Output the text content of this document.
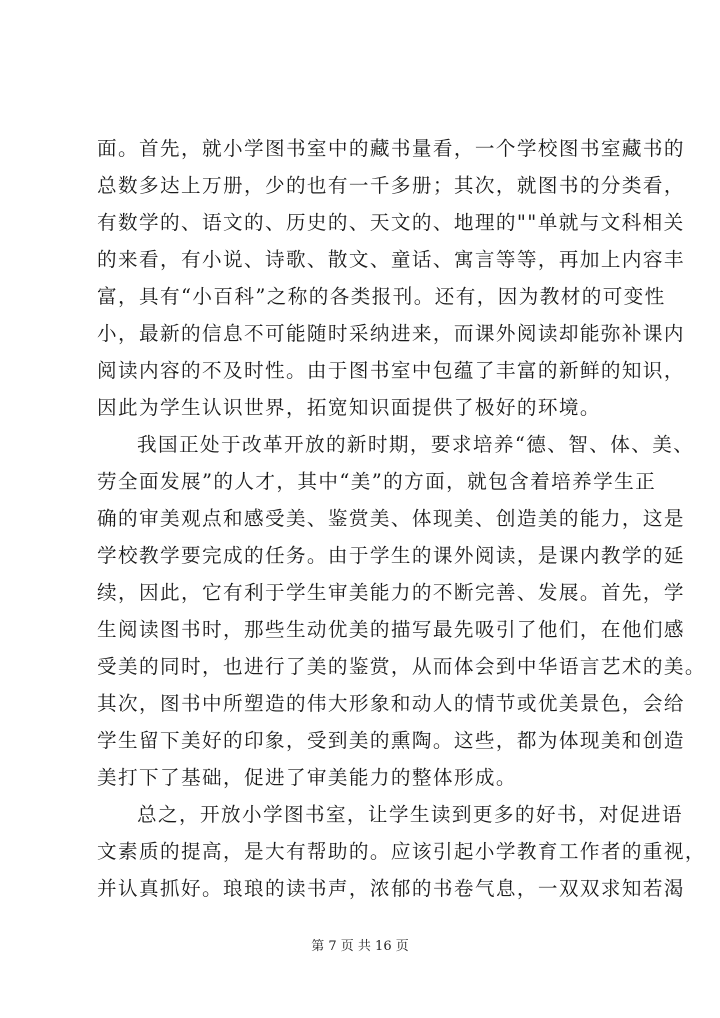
面。首先，就小学图书室中的藏书量看，一个学校图书室藏书的
总数多达上万册，少的也有一千多册；其次，就图书的分类看，
有数学的、语文的、历史的、天文的、地理的""单就与文科相关
的来看，有小说、诗歌、散文、童话、寓言等等，再加上内容丰
富，具有“小百科”之称的各类报刊。还有，因为教材的可变性
小，最新的信息不可能随时采纳进来，而课外阅读却能弥补课内
阅读内容的不及时性。由于图书室中包蕴了丰富的新鲜的知识，
因此为学生认识世界，拓宽知识面提供了极好的环境。
我国正处于改革开放的新时期，要求培养“德、智、体、美、
劳全面发展”的人才，其中“美”的方面，就包含着培养学生正
确的审美观点和感受美、鉴赏美、体现美、创造美的能力，这是
学校教学要完成的任务。由于学生的课外阅读，是课内教学的延
续，因此，它有利于学生审美能力的不断完善、发展。首先，学
生阅读图书时，那些生动优美的描写最先吸引了他们，在他们感
受美的同时，也进行了美的鉴赏，从而体会到中华语言艺术的美。
其次，图书中所塑造的伟大形象和动人的情节或优美景色，会给
学生留下美好的印象，受到美的熏陶。这些，都为体现美和创造
美打下了基础，促进了审美能力的整体形成。
总之，开放小学图书室，让学生读到更多的好书，对促进语
文素质的提高，是大有帮助的。应该引起小学教育工作者的重视，
并认真抓好。琅琅的读书声，浓郁的书卷气息，一双双求知若渴
第 7 页 共 16 页
